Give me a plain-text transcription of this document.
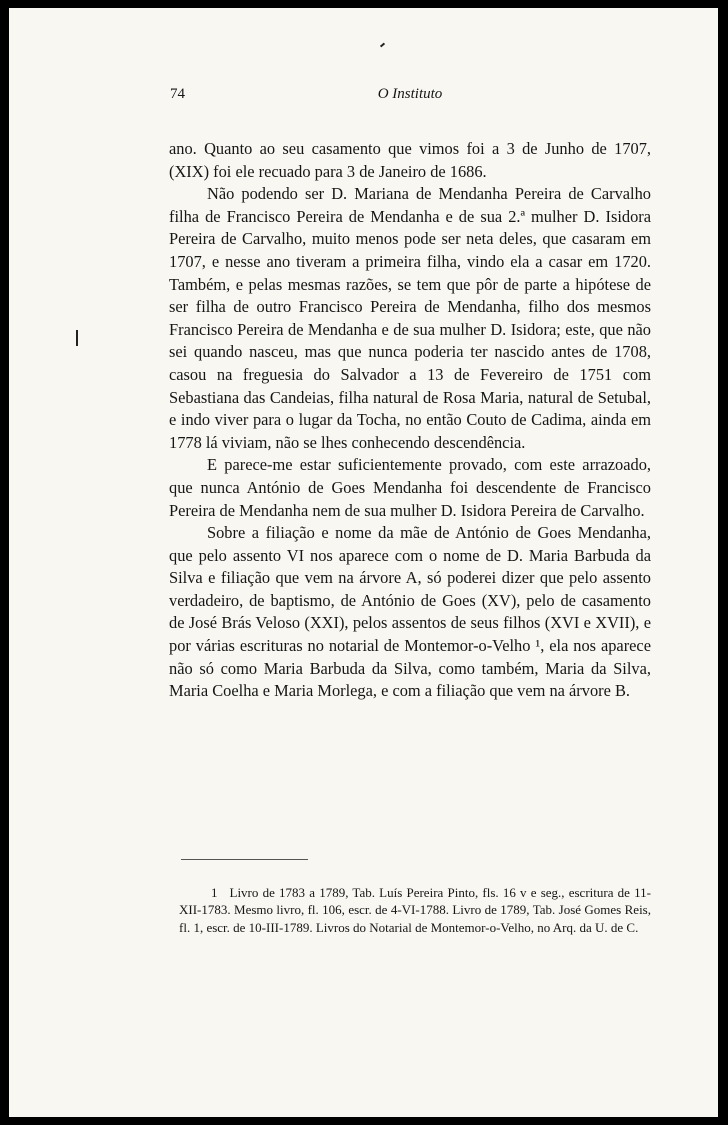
74	O Instituto

ano. Quanto ao seu casamento que vimos foi a 3 de Junho de 1707, (XIX) foi ele recuado para 3 de Janeiro de 1686.

Não podendo ser D. Mariana de Mendanha Pereira de Carvalho filha de Francisco Pereira de Mendanha e de sua 2.ª mulher D. Isidora Pereira de Carvalho, muito menos pode ser neta deles, que casaram em 1707, e nesse ano tiveram a primeira filha, vindo ela a casar em 1720. Também, e pelas mesmas razões, se tem que pôr de parte a hipótese de ser filha de outro Francisco Pereira de Mendanha, filho dos mesmos Francisco Pereira de Mendanha e de sua mulher D. Isidora; este, que não sei quando nasceu, mas que nunca poderia ter nascido antes de 1708, casou na freguesia do Salvador a 13 de Fevereiro de 1751 com Sebastiana das Candeias, filha natural de Rosa Maria, natural de Setubal, e indo viver para o lugar da Tocha, no então Couto de Cadima, ainda em 1778 lá viviam, não se lhes conhecendo descendência.

E parece-me estar suficientemente provado, com este arrazoado, que nunca António de Goes Mendanha foi descendente de Francisco Pereira de Mendanha nem de sua mulher D. Isidora Pereira de Carvalho.

Sobre a filiação e nome da mãe de António de Goes Mendanha, que pelo assento VI nos aparece com o nome de D. Maria Barbuda da Silva e filiação que vem na árvore A, só poderei dizer que pelo assento verdadeiro, de baptismo, de António de Goes (XV), pelo de casamento de José Brás Veloso (XXI), pelos assentos de seus filhos (XVI e XVII), e por várias escrituras no notarial de Montemor-o-Velho ¹, ela nos aparece não só como Maria Barbuda da Silva, como também, Maria da Silva, Maria Coelha e Maria Morlega, e com a filiação que vem na árvore B.

1 Livro de 1783 a 1789, Tab. Luís Pereira Pinto, fls. 16 v e seg., escritura de 11-XII-1783. Mesmo livro, fl. 106, escr. de 4-VI-1788. Livro de 1789, Tab. José Gomes Reis, fl. 1, escr. de 10-III-1789. Livros do Notarial de Montemor-o-Velho, no Arq. da U. de C.
